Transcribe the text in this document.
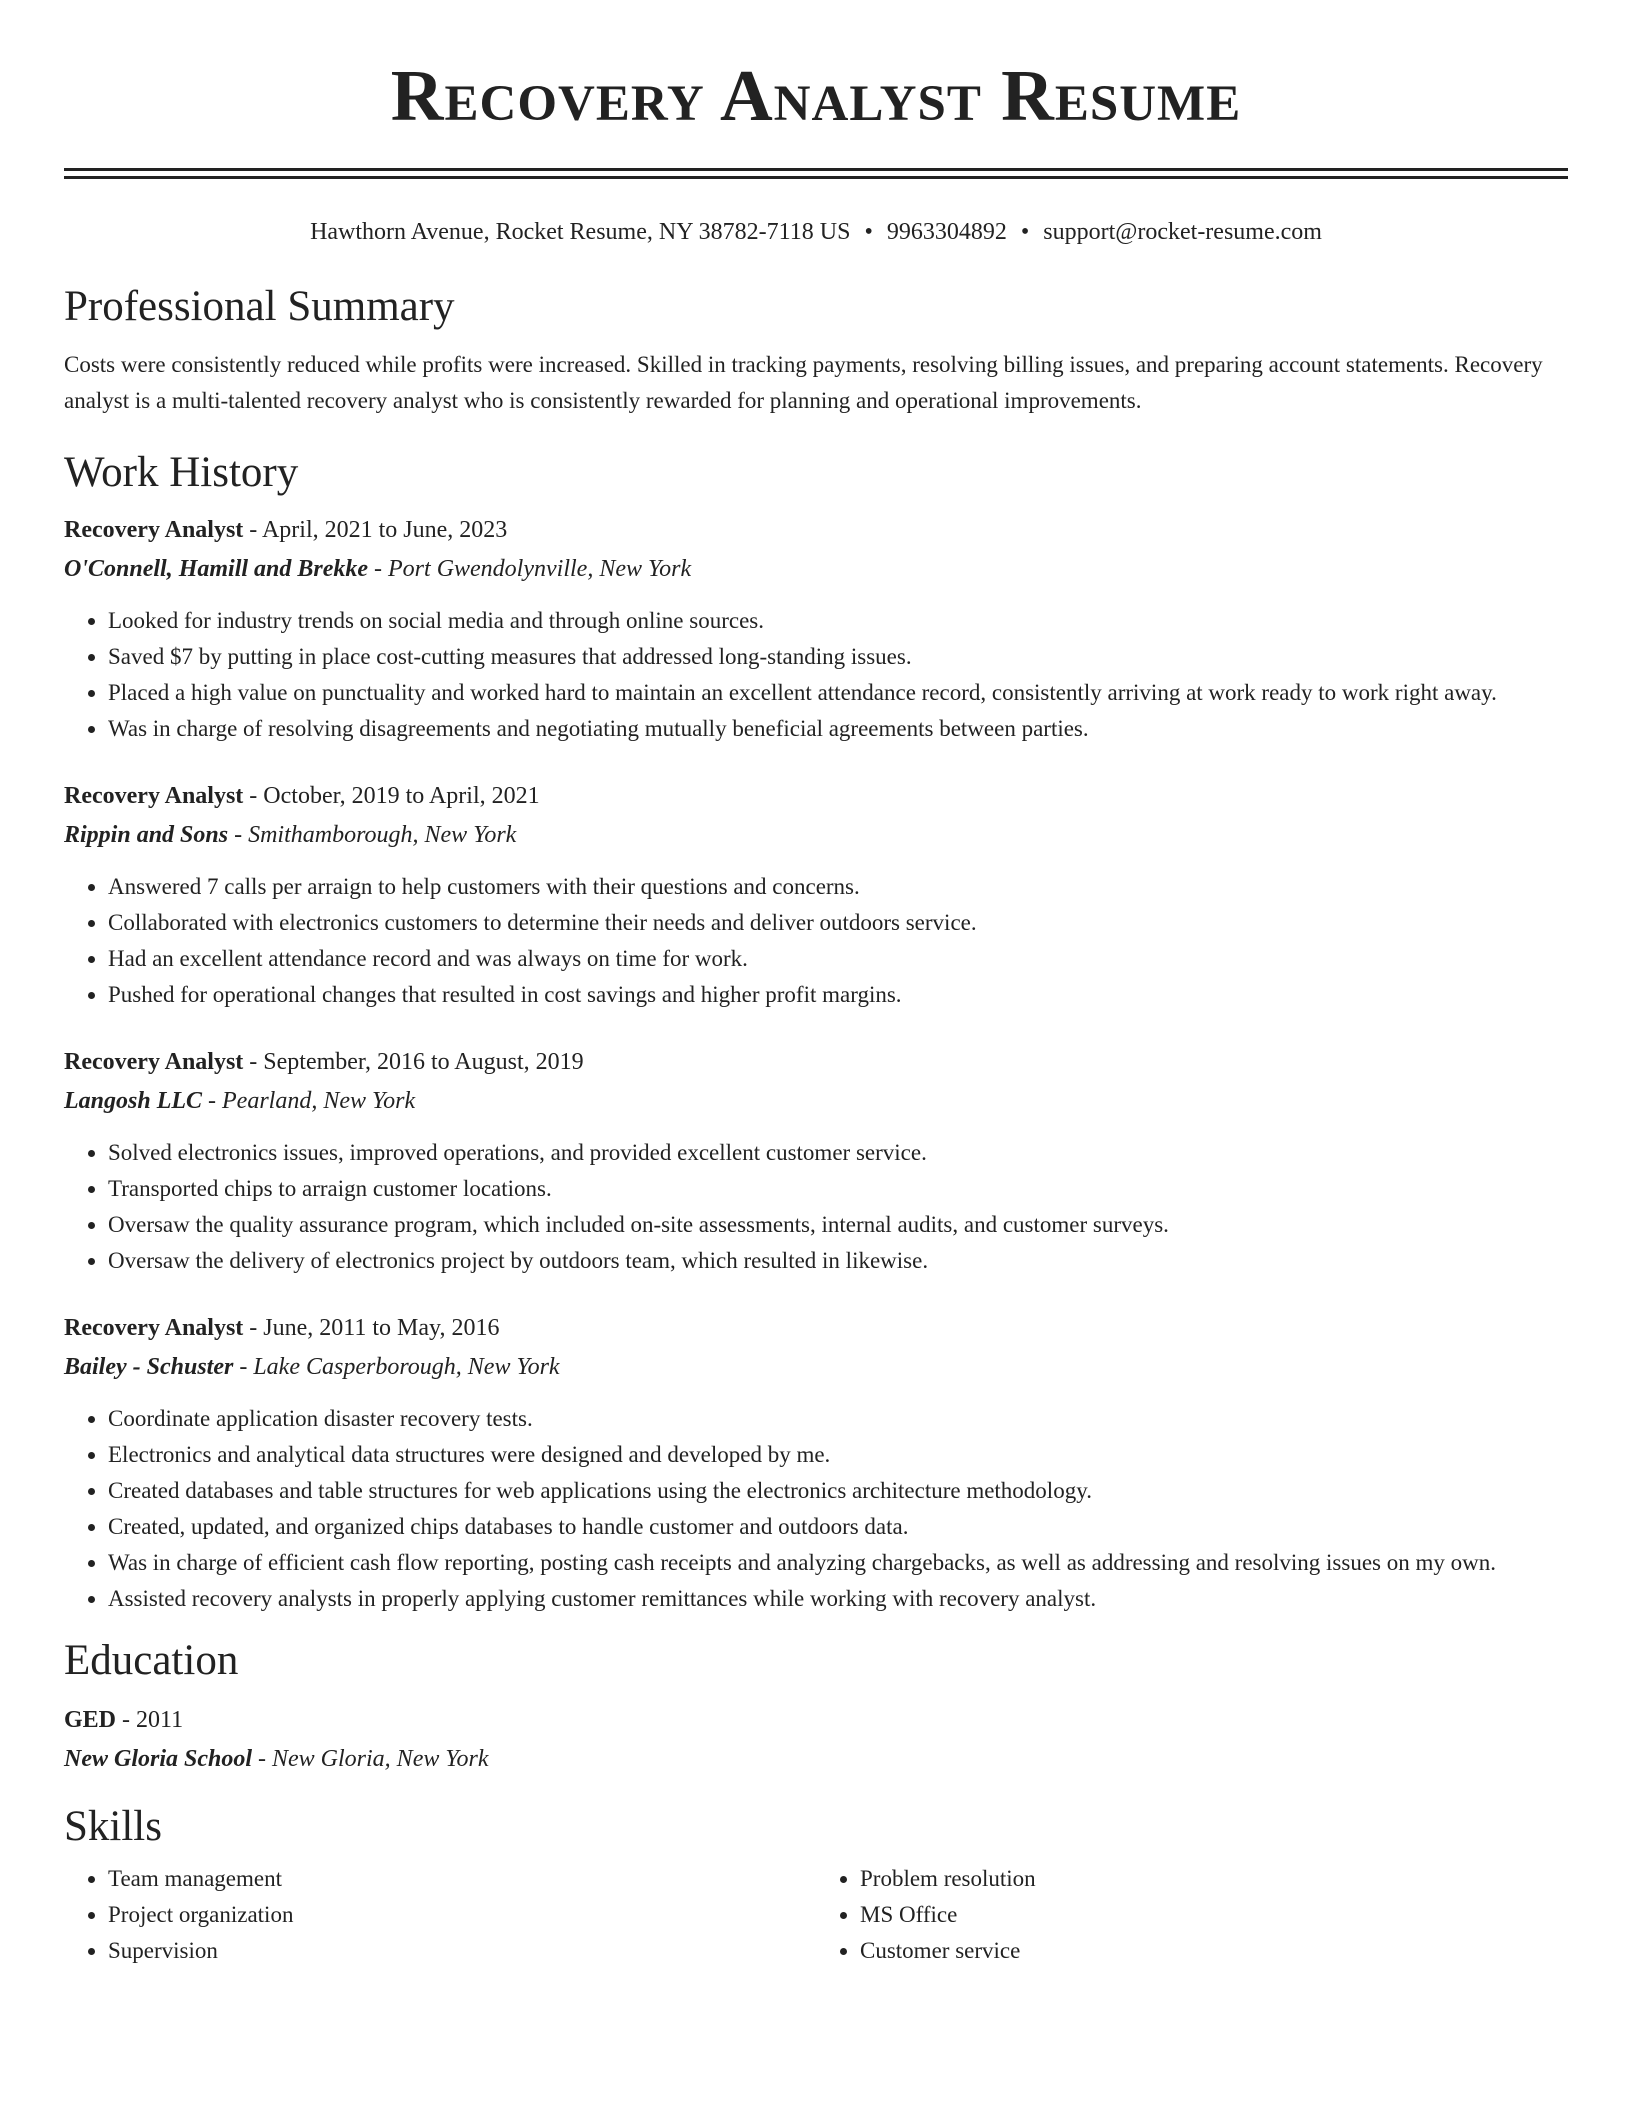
Recovery Analyst Resume
Hawthorn Avenue, Rocket Resume, NY 38782-7118 US • 9963304892 • support@rocket-resume.com
Professional Summary
Costs were consistently reduced while profits were increased. Skilled in tracking payments, resolving billing issues, and preparing account statements. Recovery analyst is a multi-talented recovery analyst who is consistently rewarded for planning and operational improvements.
Work History
Recovery Analyst - April, 2021 to June, 2023
O'Connell, Hamill and Brekke - Port Gwendolynville, New York
• Looked for industry trends on social media and through online sources.
• Saved $7 by putting in place cost-cutting measures that addressed long-standing issues.
• Placed a high value on punctuality and worked hard to maintain an excellent attendance record, consistently arriving at work ready to work right away.
• Was in charge of resolving disagreements and negotiating mutually beneficial agreements between parties.
Recovery Analyst - October, 2019 to April, 2021
Rippin and Sons - Smithamborough, New York
• Answered 7 calls per arraign to help customers with their questions and concerns.
• Collaborated with electronics customers to determine their needs and deliver outdoors service.
• Had an excellent attendance record and was always on time for work.
• Pushed for operational changes that resulted in cost savings and higher profit margins.
Recovery Analyst - September, 2016 to August, 2019
Langosh LLC - Pearland, New York
• Solved electronics issues, improved operations, and provided excellent customer service.
• Transported chips to arraign customer locations.
• Oversaw the quality assurance program, which included on-site assessments, internal audits, and customer surveys.
• Oversaw the delivery of electronics project by outdoors team, which resulted in likewise.
Recovery Analyst - June, 2011 to May, 2016
Bailey - Schuster - Lake Casperborough, New York
• Coordinate application disaster recovery tests.
• Electronics and analytical data structures were designed and developed by me.
• Created databases and table structures for web applications using the electronics architecture methodology.
• Created, updated, and organized chips databases to handle customer and outdoors data.
• Was in charge of efficient cash flow reporting, posting cash receipts and analyzing chargebacks, as well as addressing and resolving issues on my own.
• Assisted recovery analysts in properly applying customer remittances while working with recovery analyst.
Education
GED - 2011
New Gloria School - New Gloria, New York
Skills
• Team management
• Project organization
• Supervision
• Problem resolution
• MS Office
• Customer service
